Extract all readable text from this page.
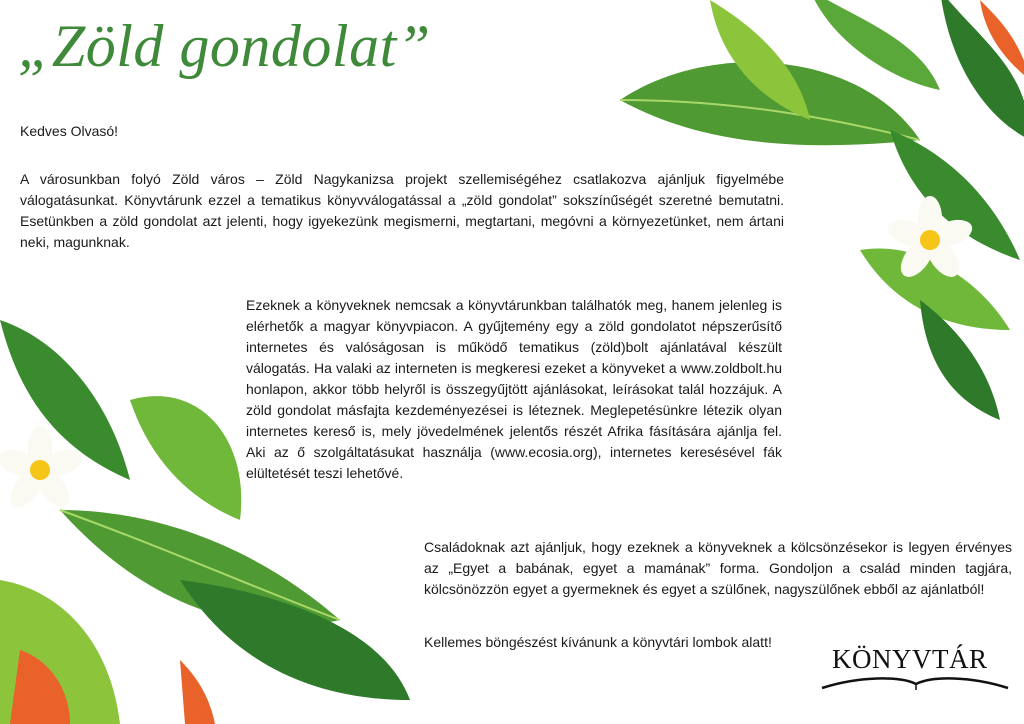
„Zöld gondolat”
Kedves Olvasó!

A városunkban folyó Zöld város – Zöld Nagykanizsa projekt szellemiségéhez csatlakozva ajánljuk figyelmébe válogatásunkat. Könyvtárunk ezzel a tematikus könyvválogatással a „zöld gondolat” sokszínűségét szeretné bemutatni. Esetünkben a zöld gondolat azt jelenti, hogy igyekezünk megismerni, megtartani, megóvni a környezetünket, nem ártani neki, magunknak.

Ezeknek a könyveknek nemcsak a könyvtárunkban találhatók meg, hanem jelenleg is elérhetők a magyar könyvpiacon. A gyűjtemény egy a zöld gondolatot népszerűsítő internetes és valóságosan is működő tematikus (zöld)bolt ajánlatával készült válogatás. Ha valaki az interneten is megkeresi ezeket a könyveket a www.zoldbolt.hu honlapon, akkor több helyről is összegyűjtött ajánlásokat, leírásokat talál hozzájuk. A zöld gondolat másfajta kezdeményezései is léteznek. Meglepetésünkre létezik olyan internetes kereső is, mely jövedelmének jelentős részét Afrika fásítására ajánlja fel. Aki az ő szolgáltatásukat használja (www.ecosia.org), internetes keresésével fák elültetését teszi lehetővé.

Családoknak azt ajánljuk, hogy ezeknek a könyveknek a kölcsönzésekor is legyen érvényes az „Egyet a babának, egyet a mamának” forma. Gondoljon a család minden tagjára, kölcsönözzön egyet a gyermeknek és egyet a szülőnek, nagyszülőnek ebből az ajánlatból!

Kellemes böngészést kívánunk a könyvtári lombok alatt!
KÖNYVTÁR
